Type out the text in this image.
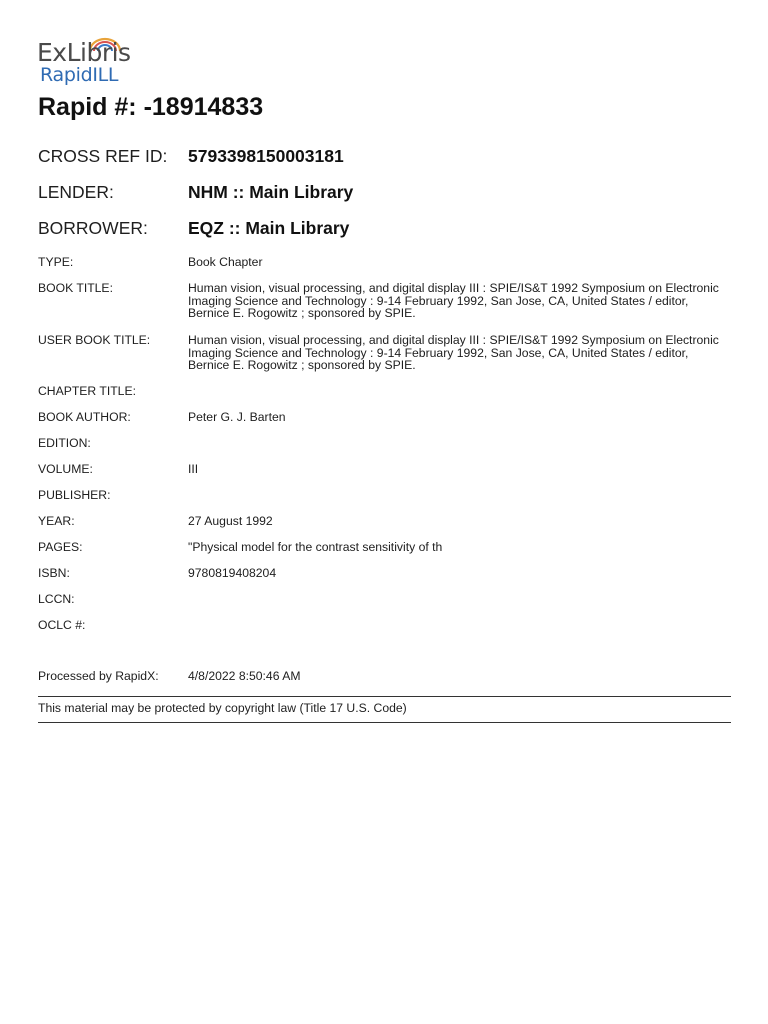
ExLibris
RapidILL
Rapid #: -18914833
CROSS REF ID: 5793398150003181
LENDER:	NHM :: Main Library
BORROWER: EQZ :: Main Library
TYPE:	Book Chapter
BOOK TITLE:	Human vision, visual processing, and digital display III : SPIE/IS&T 1992 Symposium on Electronic Imaging Science and Technology : 9-14 February 1992, San Jose, CA, United States / editor, Bernice E. Rogowitz ; sponsored by SPIE.
USER BOOK TITLE:	Human vision, visual processing, and digital display III : SPIE/IS&T 1992 Symposium on Electronic Imaging Science and Technology : 9-14 February 1992, San Jose, CA, United States / editor, Bernice E. Rogowitz ; sponsored by SPIE.
CHAPTER TITLE:
BOOK AUTHOR:	Peter G. J. Barten
EDITION:
VOLUME:	III
PUBLISHER:
YEAR:	27 August 1992
PAGES:	"Physical model for the contrast sensitivity of th
ISBN:	9780819408204
LCCN:
OCLC #:
Processed by RapidX: 4/8/2022 8:50:46 AM
This material may be protected by copyright law (Title 17 U.S. Code)
